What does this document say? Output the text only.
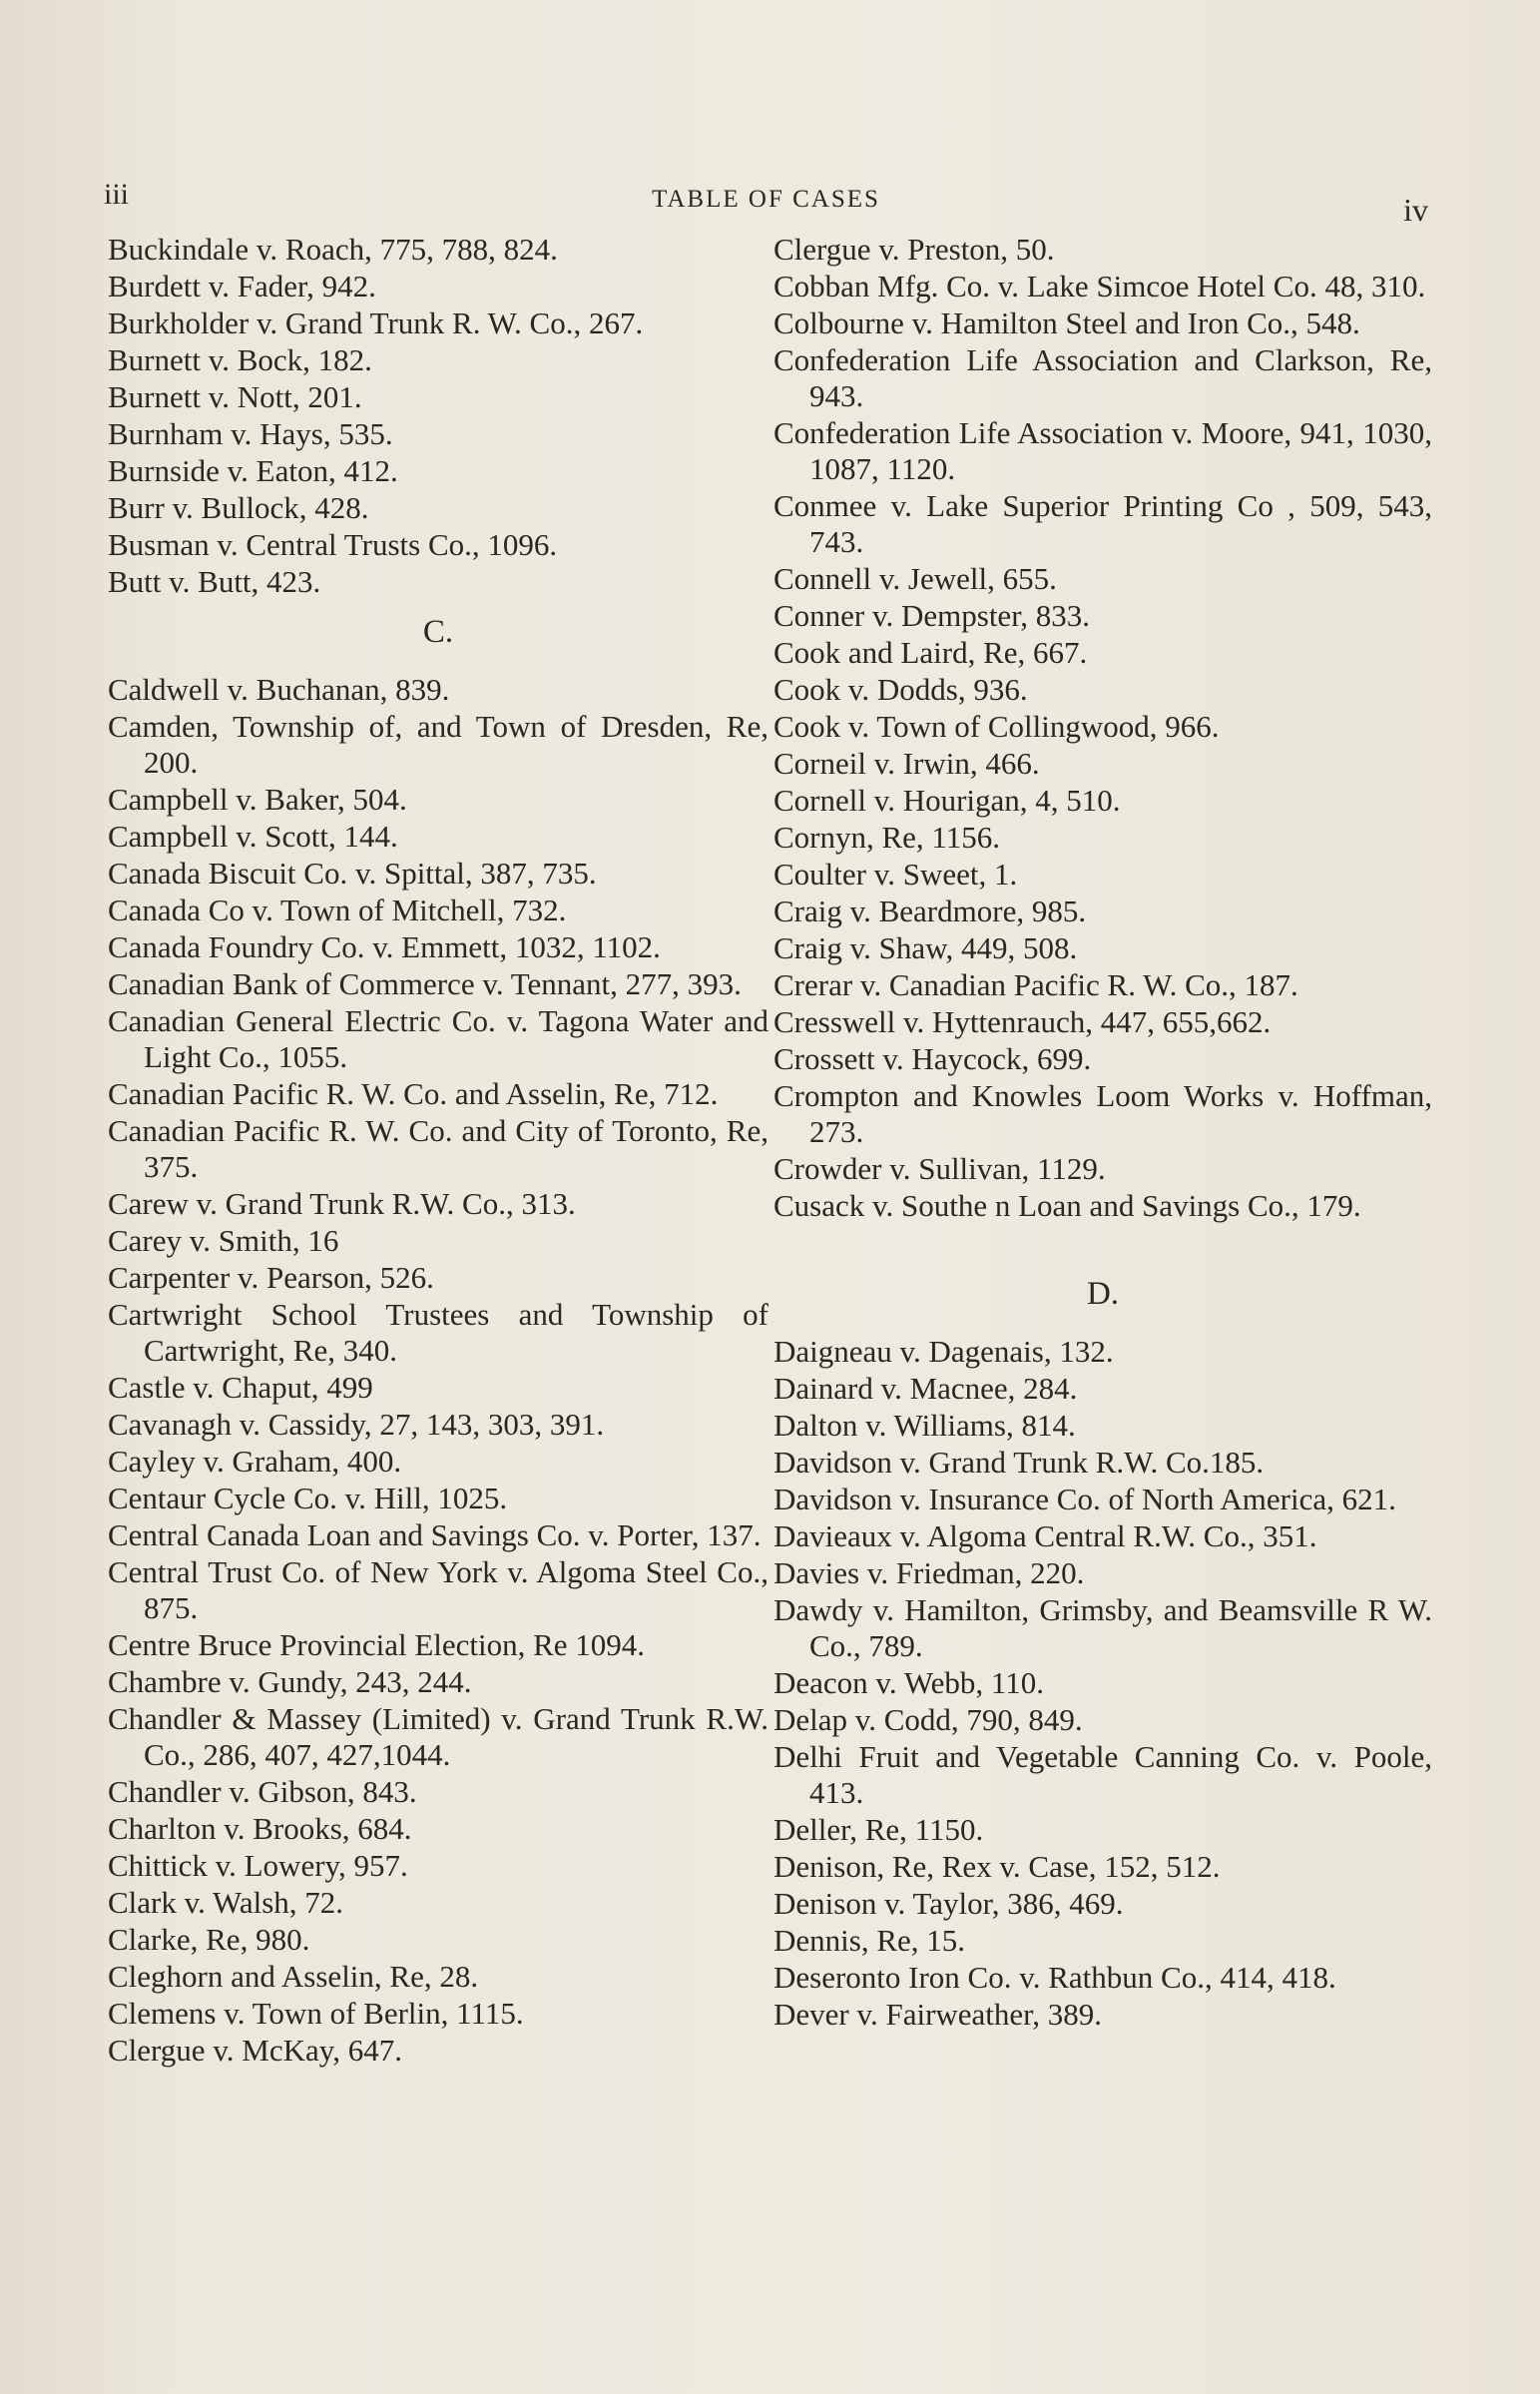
iii	TABLE OF CASES	iv
Buckindale v. Roach, 775, 788, 824.
Burdett v. Fader, 942.
Burkholder v. Grand Trunk R. W. Co., 267.
Burnett v. Bock, 182.
Burnett v. Nott, 201.
Burnham v. Hays, 535.
Burnside v. Eaton, 412.
Burr v. Bullock, 428.
Busman v. Central Trusts Co., 1096.
Butt v. Butt, 423.
C.
Caldwell v. Buchanan, 839.
Camden, Township of, and Town of Dresden, Re, 200.
Campbell v. Baker, 504.
Campbell v. Scott, 144.
Canada Biscuit Co. v. Spittal, 387, 735.
Canada Co v. Town of Mitchell, 732.
Canada Foundry Co. v. Emmett, 1032, 1102.
Canadian Bank of Commerce v. Tennant, 277, 393.
Canadian General Electric Co. v. Tagona Water and Light Co., 1055.
Canadian Pacific R. W. Co. and Asselin, Re, 712.
Canadian Pacific R. W. Co. and City of Toronto, Re, 375.
Carew v. Grand Trunk R.W. Co., 313.
Carey v. Smith, 16
Carpenter v. Pearson, 526.
Cartwright School Trustees and Township of Cartwright, Re, 340.
Castle v. Chaput, 499
Cavanagh v. Cassidy, 27, 143, 303, 391.
Cayley v. Graham, 400.
Centaur Cycle Co. v. Hill, 1025.
Central Canada Loan and Savings Co. v. Porter, 137.
Central Trust Co. of New York v. Algoma Steel Co., 875.
Centre Bruce Provincial Election, Re 1094.
Chambre v. Gundy, 243, 244.
Chandler & Massey (Limited) v. Grand Trunk R.W. Co., 286, 407, 427,1044.
Chandler v. Gibson, 843.
Charlton v. Brooks, 684.
Chittick v. Lowery, 957.
Clark v. Walsh, 72.
Clarke, Re, 980.
Cleghorn and Asselin, Re, 28.
Clemens v. Town of Berlin, 1115.
Clergue v. McKay, 647.
Clergue v. Preston, 50.
Cobban Mfg. Co. v. Lake Simcoe Hotel Co. 48, 310.
Colbourne v. Hamilton Steel and Iron Co., 548.
Confederation Life Association and Clarkson, Re, 943.
Confederation Life Association v. Moore, 941, 1030, 1087, 1120.
Conmee v. Lake Superior Printing Co , 509, 543, 743.
Connell v. Jewell, 655.
Conner v. Dempster, 833.
Cook and Laird, Re, 667.
Cook v. Dodds, 936.
Cook v. Town of Collingwood, 966.
Corneil v. Irwin, 466.
Cornell v. Hourigan, 4, 510.
Cornyn, Re, 1156.
Coulter v. Sweet, 1.
Craig v. Beardmore, 985.
Craig v. Shaw, 449, 508.
Crerar v. Canadian Pacific R. W. Co., 187.
Cresswell v. Hyttenrauch, 447, 655,662.
Crossett v. Haycock, 699.
Crompton and Knowles Loom Works v. Hoffman, 273.
Crowder v. Sullivan, 1129.
Cusack v. Southe n Loan and Savings Co., 179.
D.
Daigneau v. Dagenais, 132.
Dainard v. Macnee, 284.
Dalton v. Williams, 814.
Davidson v. Grand Trunk R.W. Co.185.
Davidson v. Insurance Co. of North America, 621.
Davieaux v. Algoma Central R.W. Co., 351.
Davies v. Friedman, 220.
Dawdy v. Hamilton, Grimsby, and Beamsville R W. Co., 789.
Deacon v. Webb, 110.
Delap v. Codd, 790, 849.
Delhi Fruit and Vegetable Canning Co. v. Poole, 413.
Deller, Re, 1150.
Denison, Re, Rex v. Case, 152, 512.
Denison v. Taylor, 386, 469.
Dennis, Re, 15.
Deseronto Iron Co. v. Rathbun Co., 414, 418.
Dever v. Fairweather, 389.
